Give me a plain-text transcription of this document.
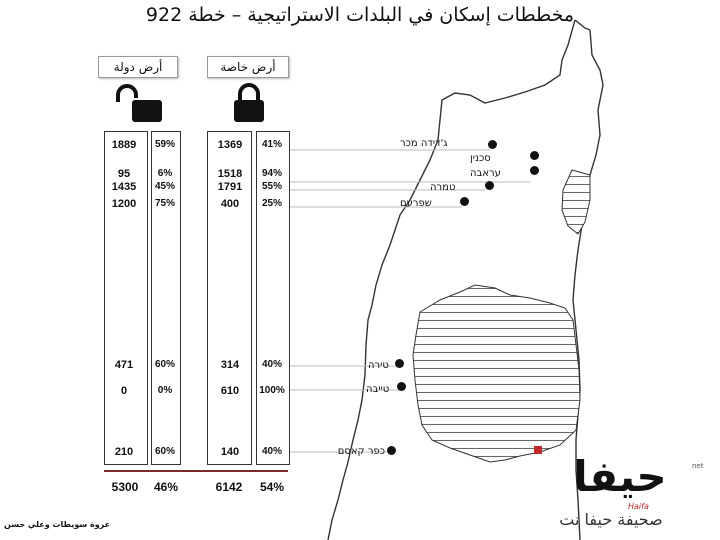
مخططات إسكان في البلدات الاستراتيجية – خطة 922
أرض دولة	أرض خاصة
1889	59%	1369	41%
95	6%	1518	94%
1435	45%	1791	55%
1200	75%	400	25%
471	60%	314	40%
0	0%	610	100%
210	60%	140	40%
5300	46%	6142	54%
ג'דידה מכר
סכנין
עראבה
טמרה
שפרעם
טירה
טייבה
כפר קאסם
عروة سويطات وعلي حسن
حيفا	net
Haifa
صحيفة حيفا نت
